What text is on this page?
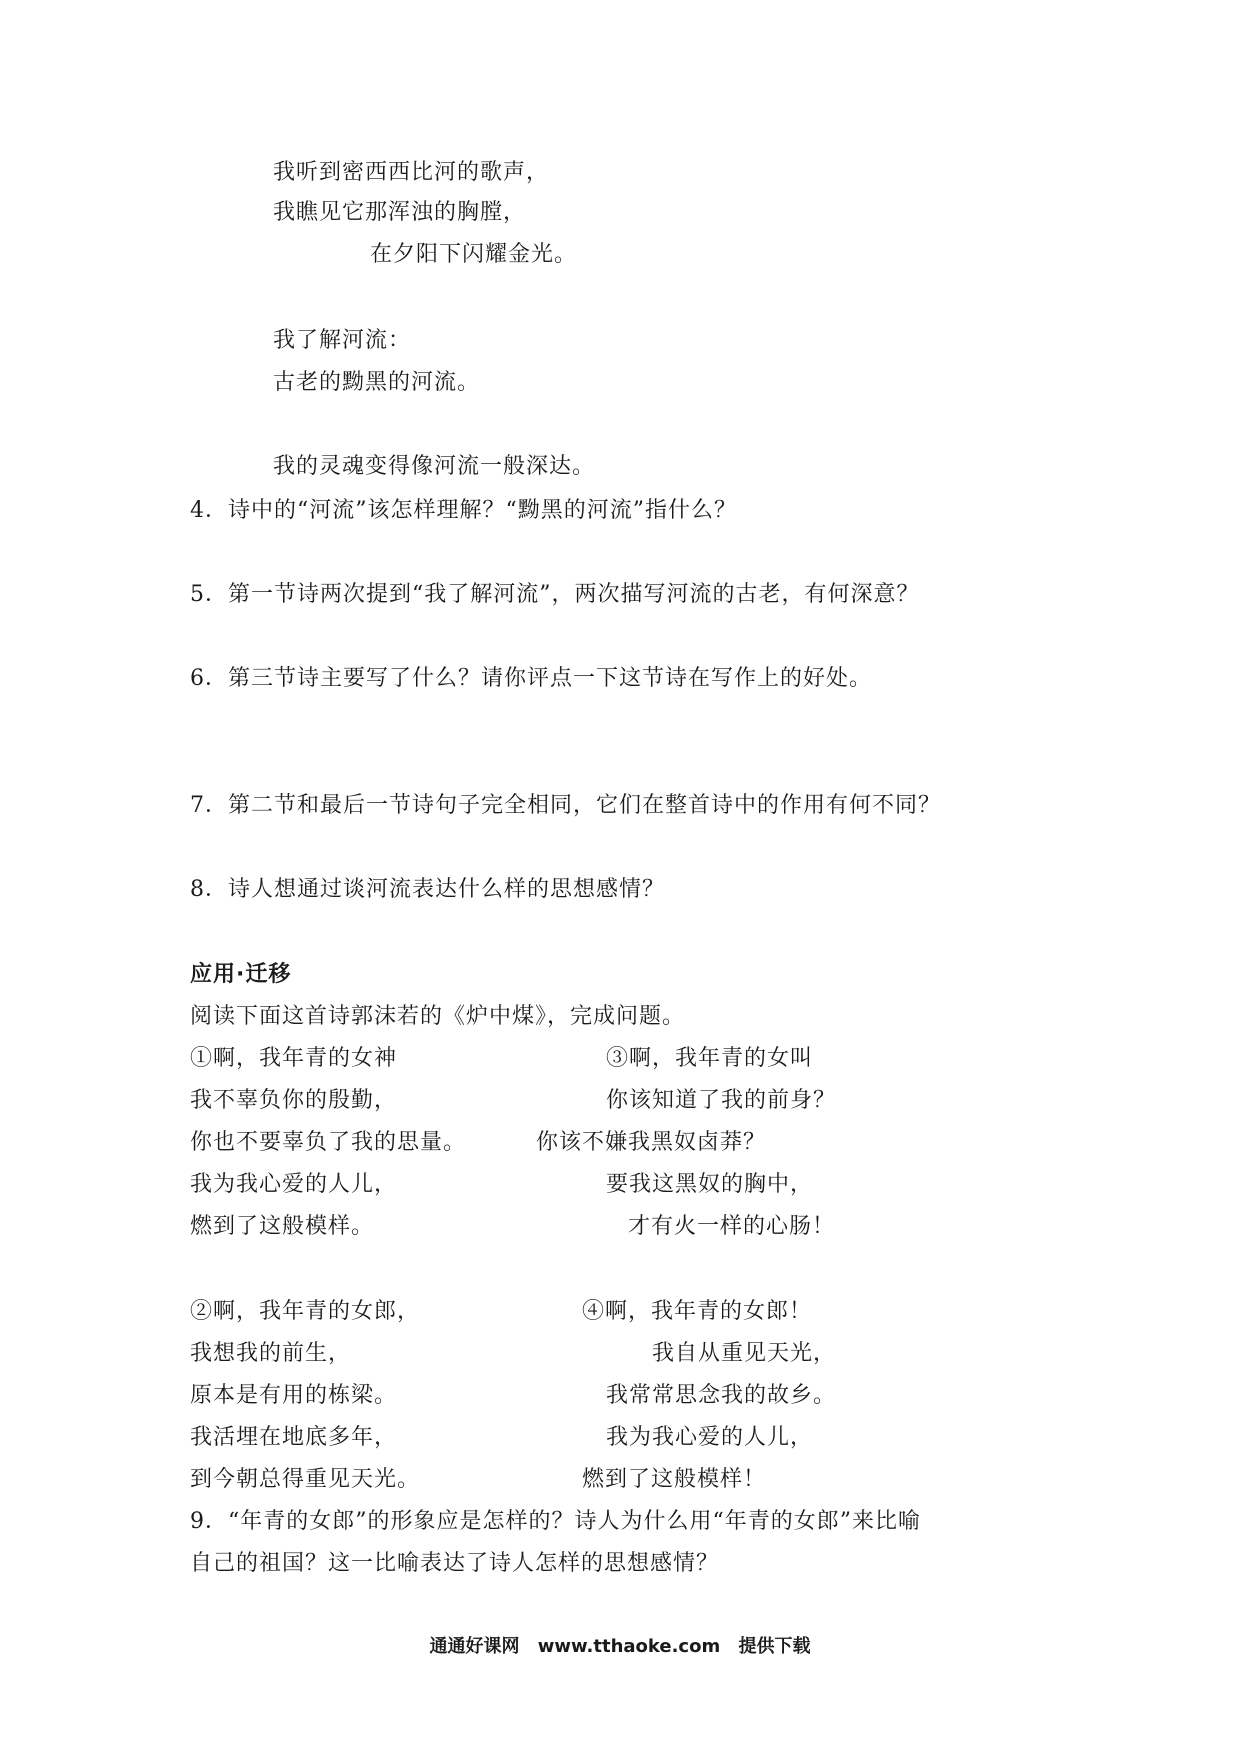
我听到密西西比河的歌声，
我瞧见它那浑浊的胸膛，
在夕阳下闪耀金光。
我了解河流：
古老的黝黑的河流。
我的灵魂变得像河流一般深达。
4．诗中的“河流”该怎样理解？“黝黑的河流”指什么？
5．第一节诗两次提到“我了解河流”，两次描写河流的古老，有何深意？
6．第三节诗主要写了什么？请你评点一下这节诗在写作上的好处。
7．第二节和最后一节诗句子完全相同，它们在整首诗中的作用有何不同？
8．诗人想通过谈河流表达什么样的思想感情？
应用·迁移
阅读下面这首诗郭沫若的《炉中煤》，完成问题。
①啊，我年青的女神
我不辜负你的殷勤，
你也不要辜负了我的思量。
我为我心爱的人儿，
燃到了这般模样。
③啊，我年青的女叫
你该知道了我的前身？
你该不嫌我黑奴卤莽？
要我这黑奴的胸中，
才有火一样的心肠！
②啊，我年青的女郎，
我想我的前生，
原本是有用的栋梁。
我活埋在地底多年，
到今朝总得重见天光。
④啊，我年青的女郎！
我自从重见天光，
我常常思念我的故乡。
我为我心爱的人儿，
燃到了这般模样！
9．“年青的女郎”的形象应是怎样的？诗人为什么用“年青的女郎”来比喻
自己的祖国？这一比喻表达了诗人怎样的思想感情？
通通好课网 www.tthaoke.com 提供下载
